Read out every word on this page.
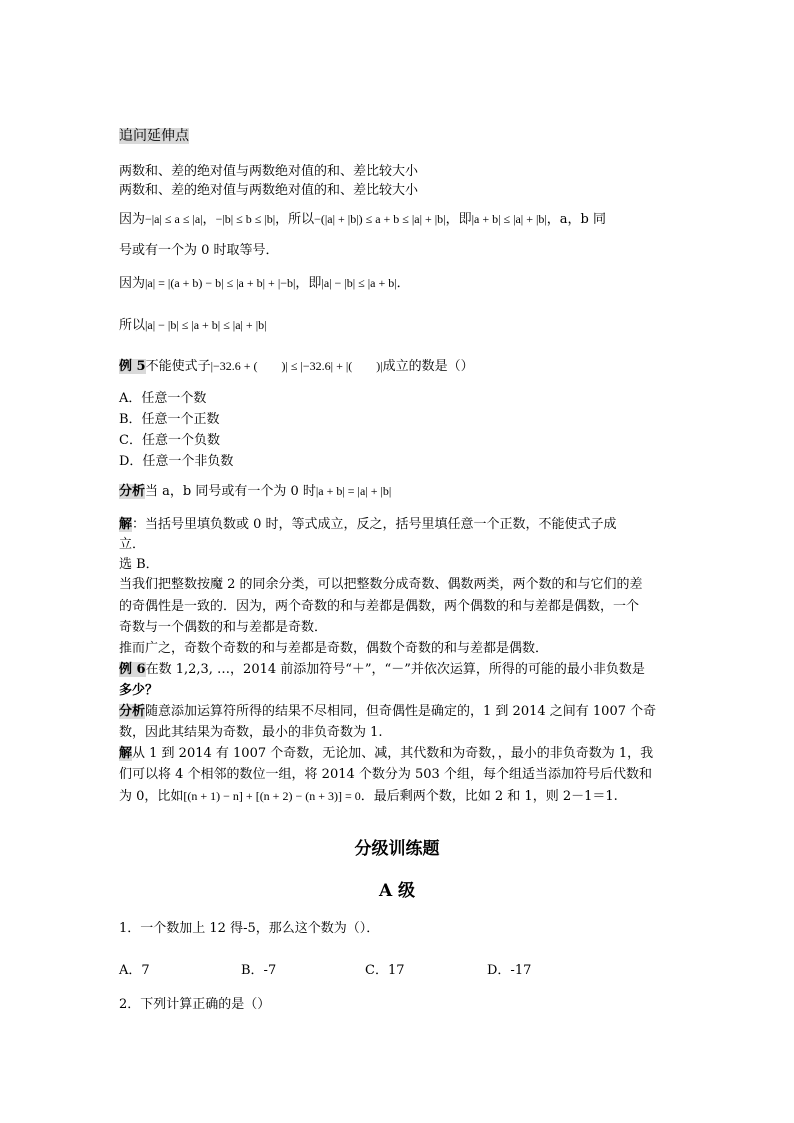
追问延伸点
两数和、差的绝对值与两数绝对值的和、差比较大小
两数和、差的绝对值与两数绝对值的和、差比较大小
因为−|a| ≤ a ≤ |a|，−|b| ≤ b ≤ |b|，所以−(|a| + |b|) ≤ a + b ≤ |a| + |b|，即|a + b| ≤ |a| + |b|，a，b 同
号或有一个为 0 时取等号．
因为|a| = |(a + b) − b| ≤ |a + b| + |−b|，即|a| − |b| ≤ |a + b|．
所以|a| − |b| ≤ |a + b| ≤ |a| + |b|
例 5不能使式子|−32.6 + (　　)| ≤ |−32.6| + |(　　)|成立的数是（）
A．任意一个数
B．任意一个正数
C．任意一个负数
D．任意一个非负数
分析当 a，b 同号或有一个为 0 时|a + b| = |a| + |b|
解：当括号里填负数或 0 时，等式成立，反之，括号里填任意一个正数，不能使式子成
立．
选 B．
当我们把整数按魔 2 的同余分类，可以把整数分成奇数、偶数两类，两个数的和与它们的差
的奇偶性是一致的．因为，两个奇数的和与差都是偶数，两个偶数的和与差都是偶数，一个
奇数与一个偶数的和与差都是奇数．
推而广之，奇数个奇数的和与差都是奇数，偶数个奇数的和与差都是偶数．
例 6在数 1,2,3, …，2014 前添加符号“＋”，“－”并依次运算，所得的可能的最小非负数是
多少？
分析随意添加运算符所得的结果不尽相同，但奇偶性是确定的，1 到 2014 之间有 1007 个奇
数，因此其结果为奇数，最小的非负奇数为 1.
解从 1 到 2014 有 1007 个奇数，无论加、减，其代数和为奇数，，最小的非负奇数为 1，我
们可以将 4 个相邻的数位一组，将 2014 个数分为 503 个组，每个组适当添加符号后代数和
为 0，比如[(n + 1) − n] + [(n + 2) − (n + 3)] = 0．最后剩两个数，比如 2 和 1，则 2－1＝1.
分级训练题
A 级
1．一个数加上 12 得-5，那么这个数为（）．
A．7	B．-7	C．17	D．-17
2．下列计算正确的是（）
